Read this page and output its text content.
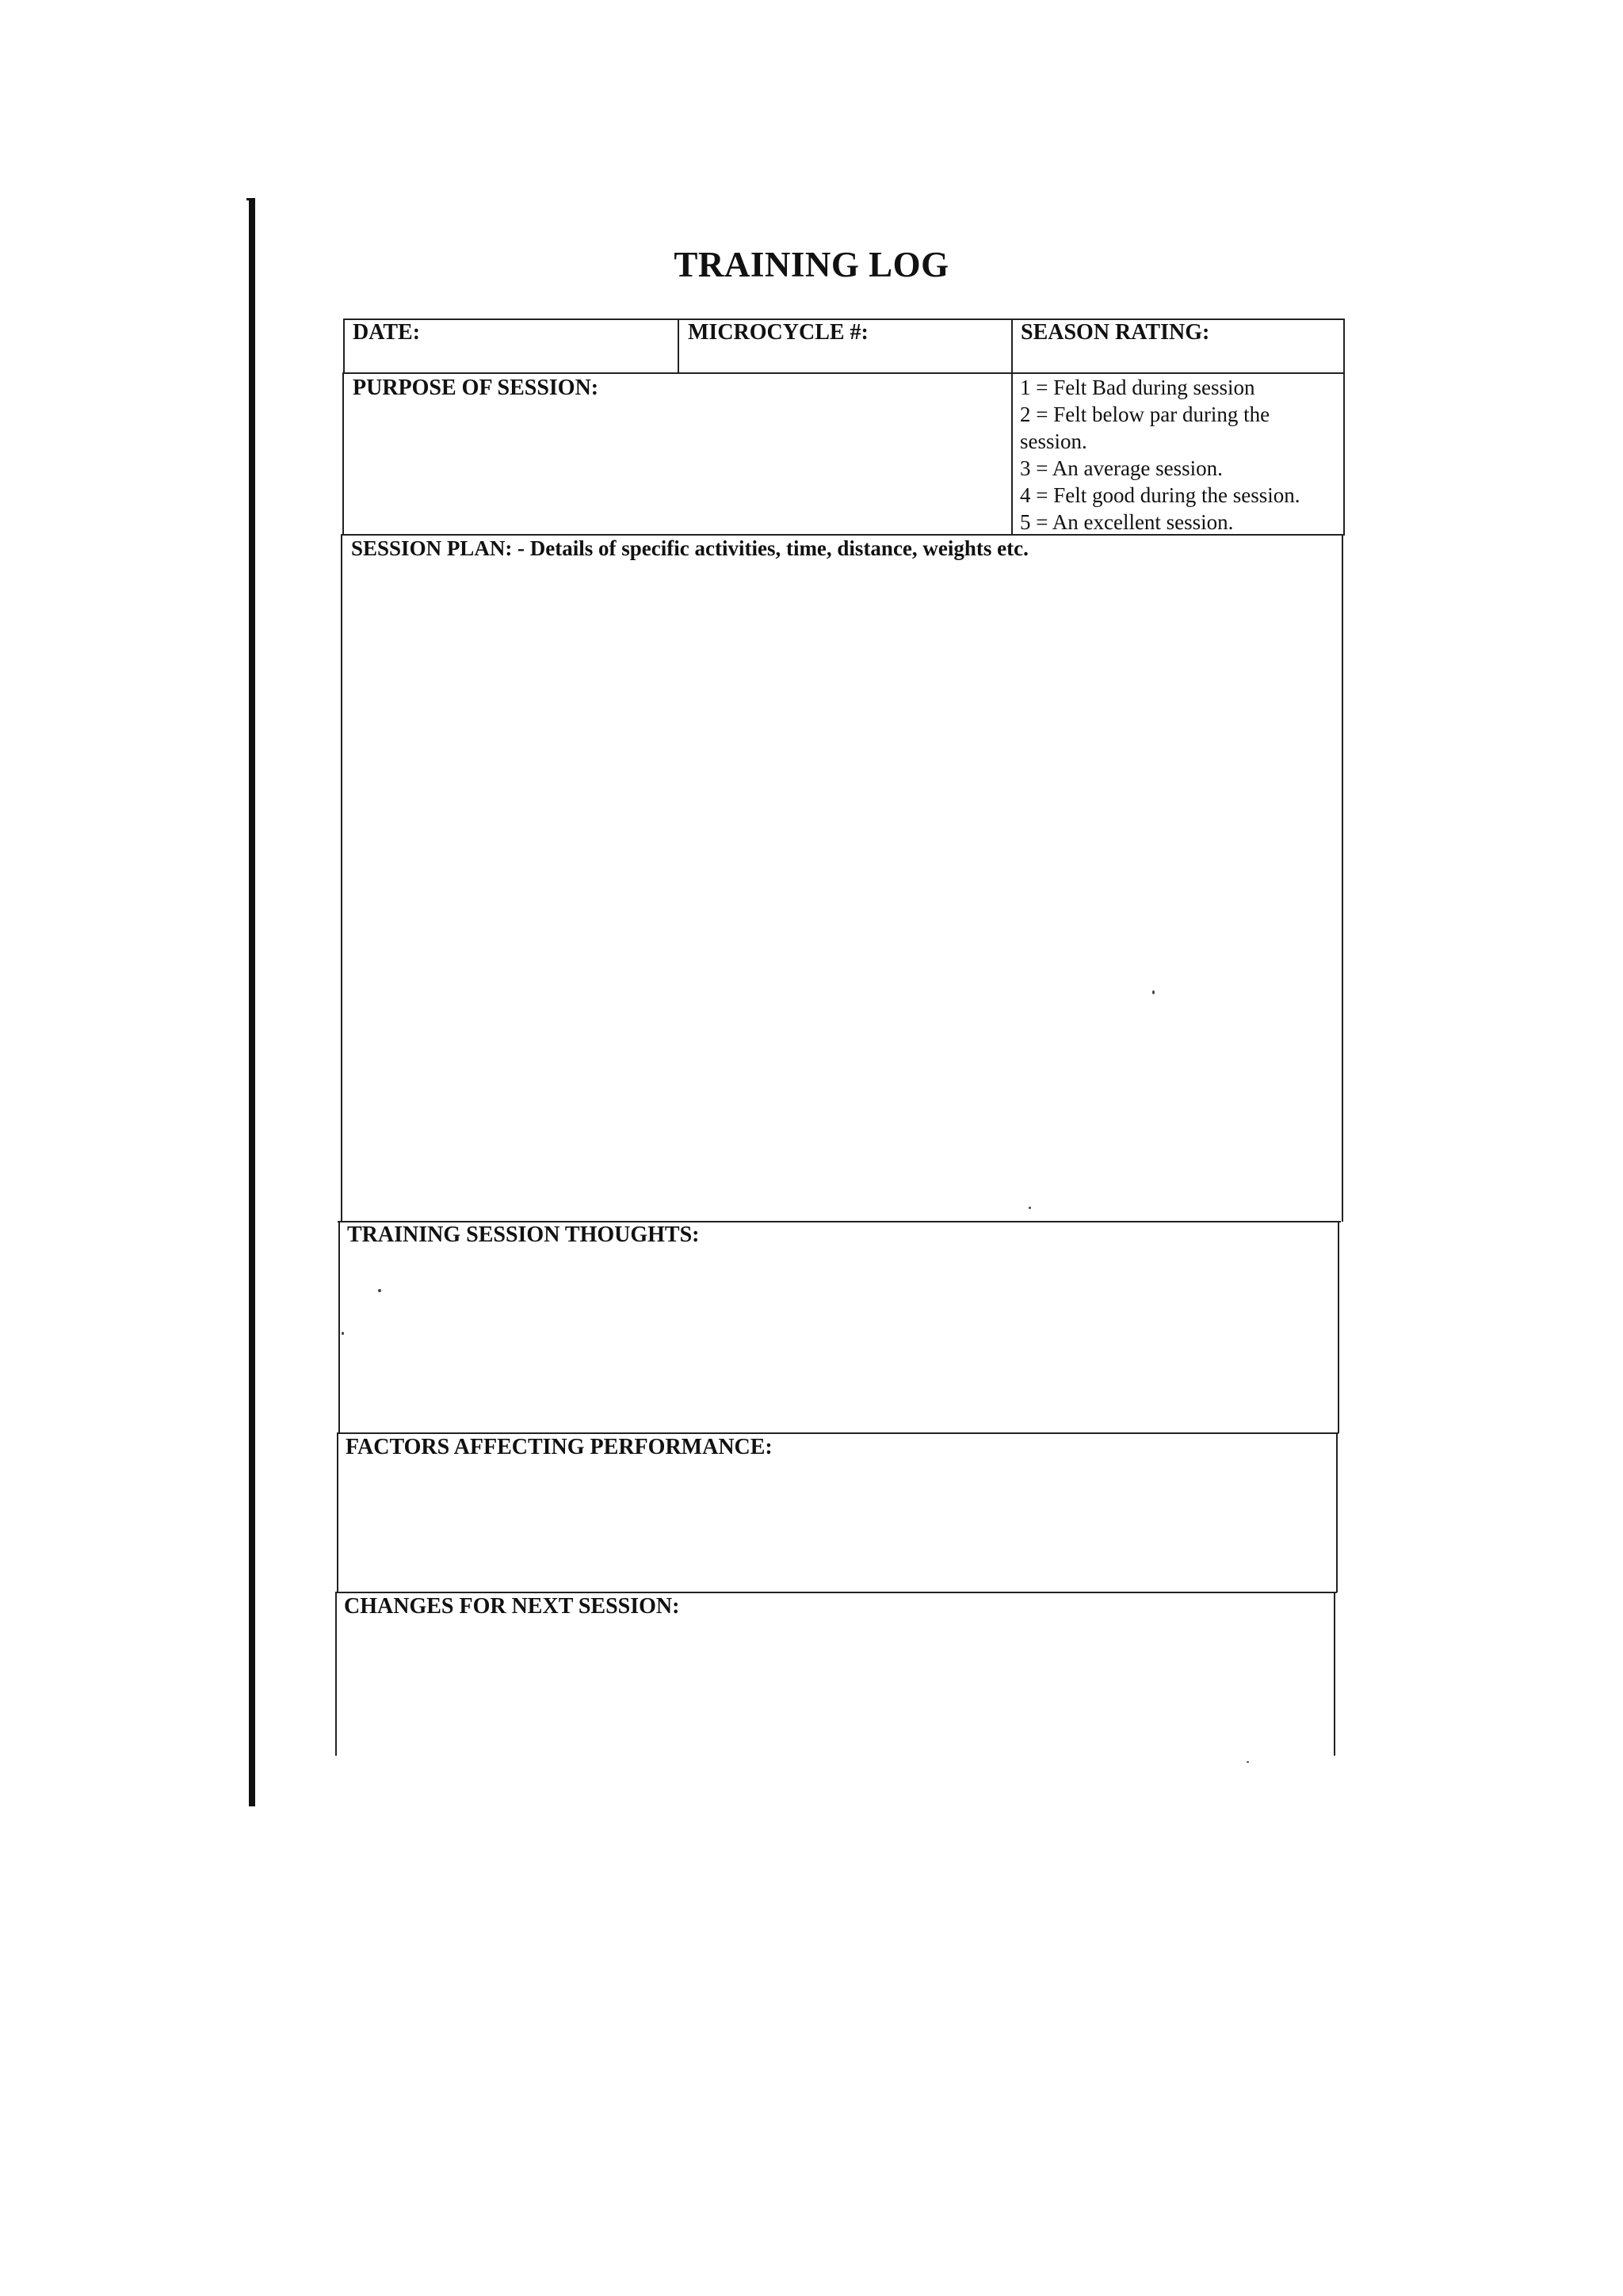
TRAINING LOG
DATE:	MICROCYCLE #:	SEASON RATING:
PURPOSE OF SESSION:	1 = Felt Bad during session
2 = Felt below par during the
session.
3 = An average session.
4 = Felt good during the session.
5 = An excellent session.
SESSION PLAN: - Details of specific activities, time, distance, weights etc.
TRAINING SESSION THOUGHTS:
FACTORS AFFECTING PERFORMANCE:
CHANGES FOR NEXT SESSION:
